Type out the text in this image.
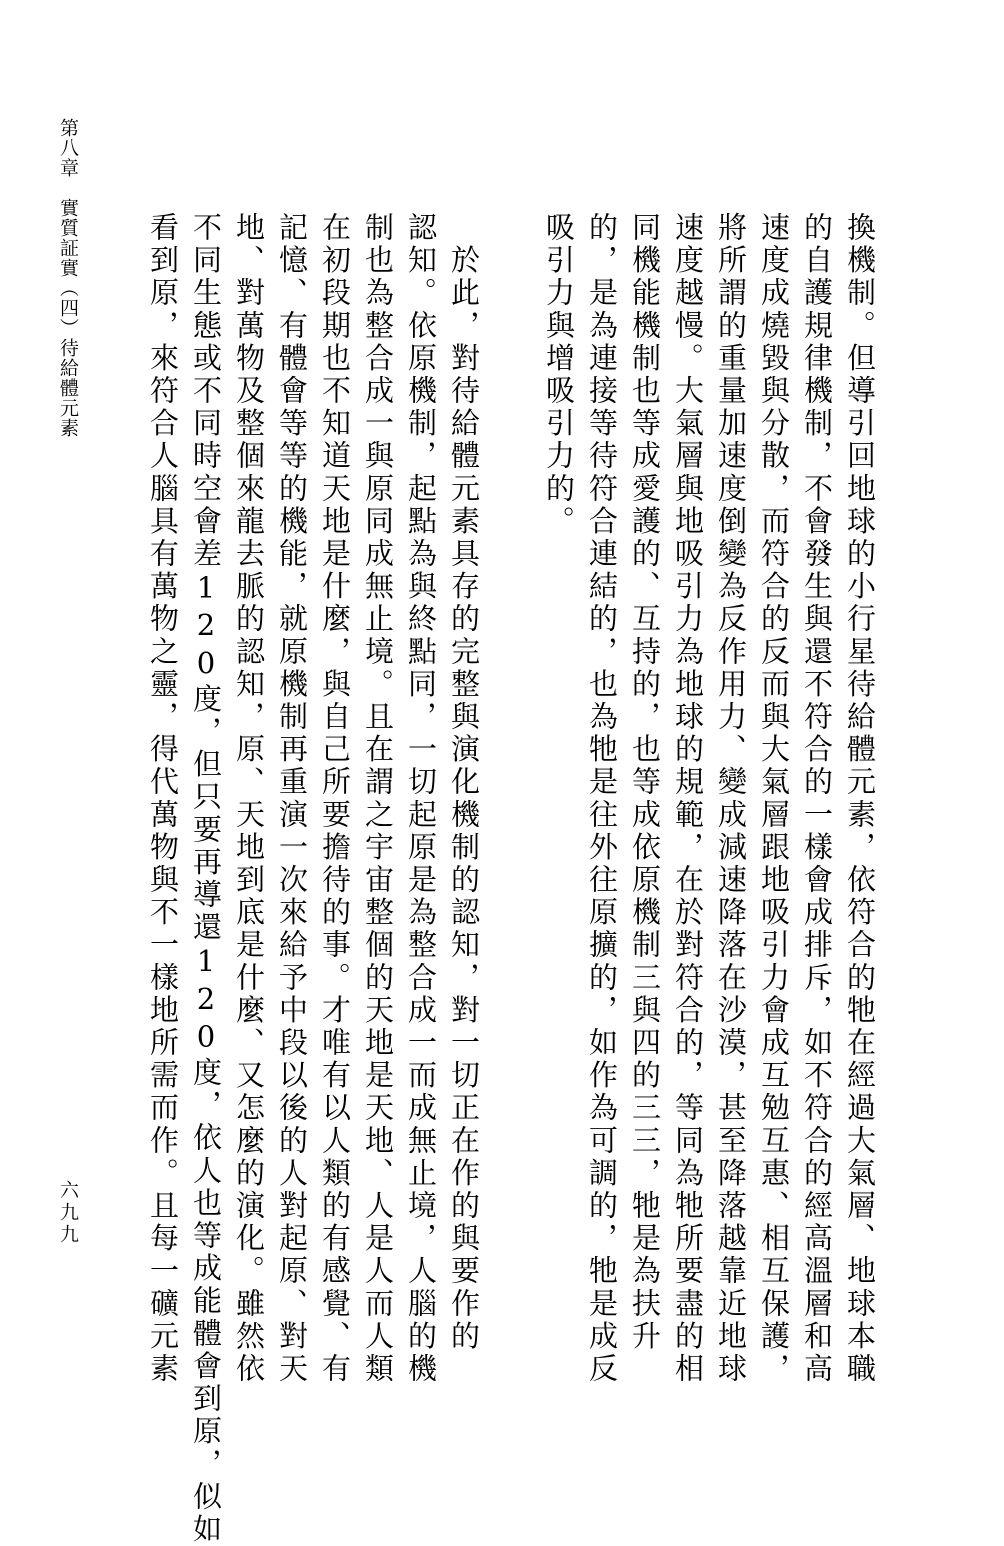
第八章　實質証實（四）待給體元素
六九九	換機制。但導引回地球的小行星待給體元素，依符合的牠在經過大氣層、地球本職
的自護規律機制，不會發生與還不符合的一樣會成排斥，如不符合的經高溫層和高
速度成燒毀與分散，而符合的反而與大氣層跟地吸引力會成互勉互惠、相互保護，
將所謂的重量加速度倒變為反作用力、變成減速降落在沙漠，甚至降落越靠近地球
速度越慢。大氣層與地吸引力為地球的規範，在於對符合的，等同為牠所要盡的相
同機能機制也等成愛護的、互持的，也等成依原機制三與四的三三，牠是為扶升
的，是為連接等待符合連結的，也為牠是往外往原擴的，如作為可調的，牠是成反
吸引力與增吸引力的。
　於此，對待給體元素具存的完整與演化機制的認知，對一切正在作的與要作的
認知。依原機制，起點為與終點同，一切起原是為整合成一而成無止境，人腦的機
制也為整合成一與原同成無止境。且在謂之宇宙整個的天地是天地、人是人而人類
在初段期也不知道天地是什麼，與自己所要擔待的事。才唯有以人類的有感覺、有
記憶、有體會等等的機能，就原機制再重演一次來給予中段以後的人對起原、對天
地、對萬物及整個來龍去脈的認知，原、天地到底是什麼、又怎麼的演化。雖然依
不同生態或不同時空會差120度，但只要再導還120度，依人也等成能體會到原，似如
看到原，來符合人腦具有萬物之靈，得代萬物與不一樣地所需而作。且每一礦元素
